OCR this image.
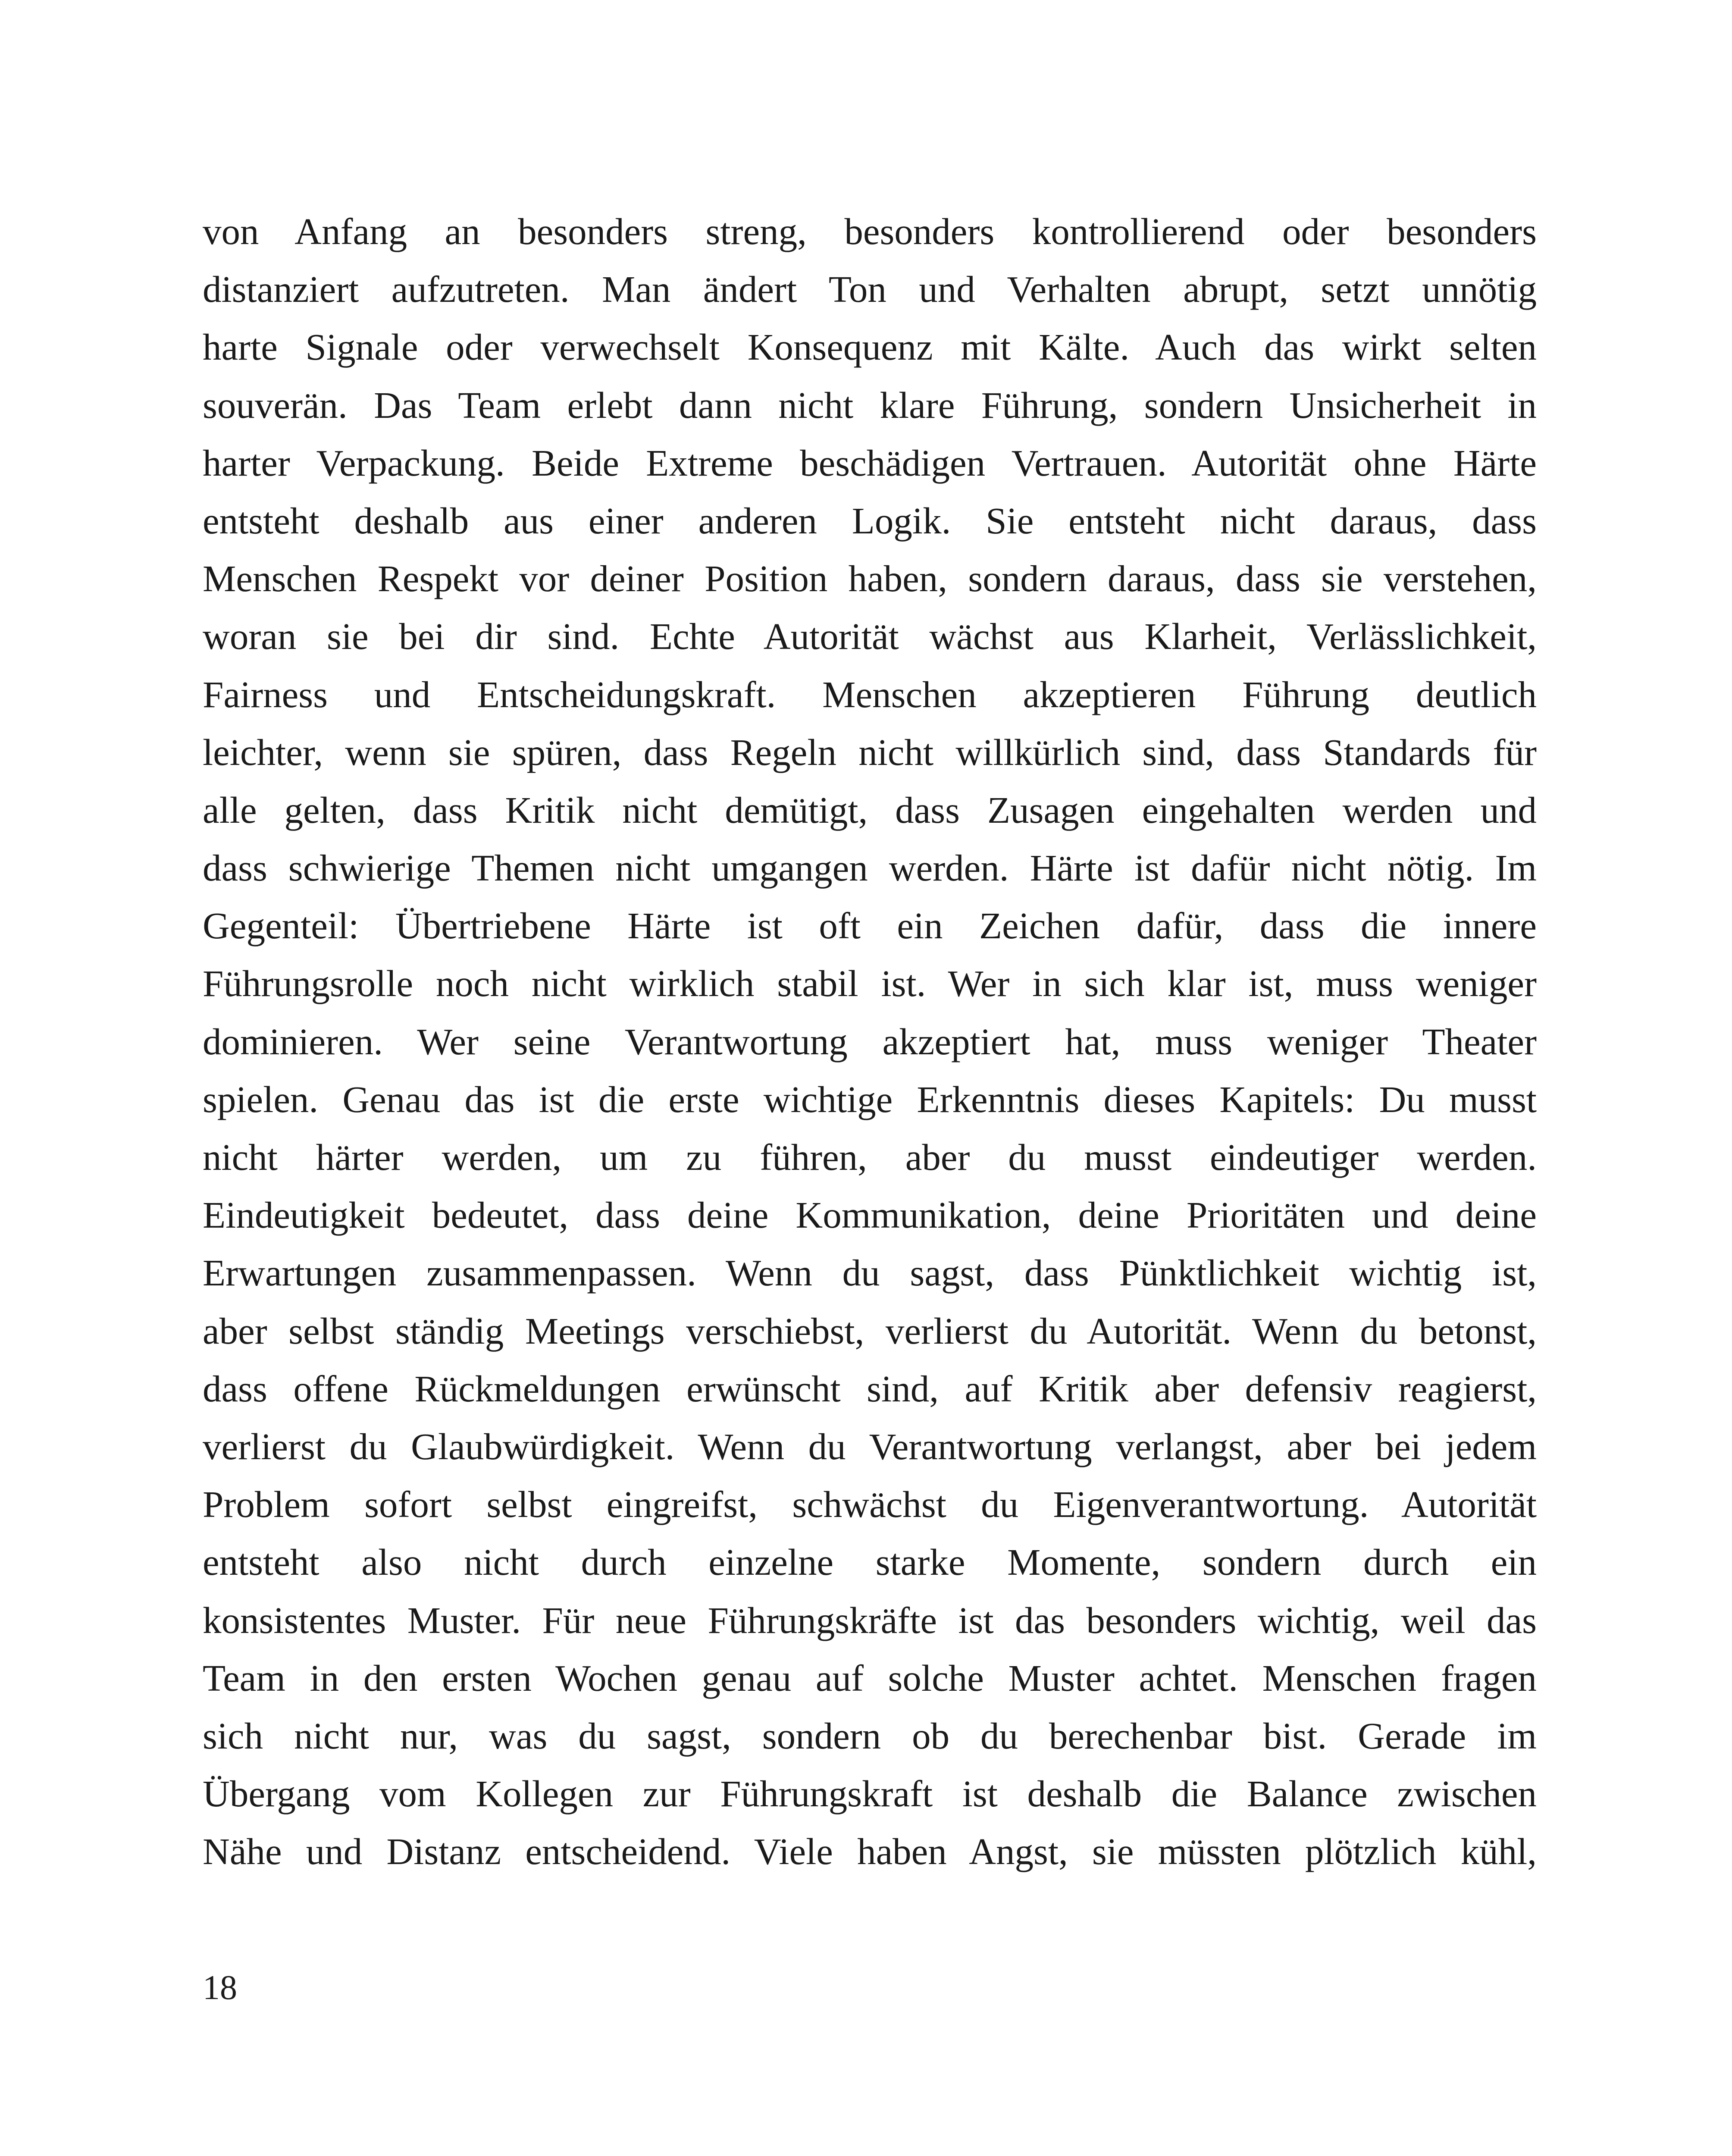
von Anfang an besonders streng, besonders kontrollierend oder besonders
distanziert aufzutreten. Man ändert Ton und Verhalten abrupt, setzt unnötig
harte Signale oder verwechselt Konsequenz mit Kälte. Auch das wirkt selten
souverän. Das Team erlebt dann nicht klare Führung, sondern Unsicherheit in
harter Verpackung. Beide Extreme beschädigen Vertrauen. Autorität ohne Härte
entsteht deshalb aus einer anderen Logik. Sie entsteht nicht daraus, dass
Menschen Respekt vor deiner Position haben, sondern daraus, dass sie verstehen,
woran sie bei dir sind. Echte Autorität wächst aus Klarheit, Verlässlichkeit,
Fairness und Entscheidungskraft. Menschen akzeptieren Führung deutlich
leichter, wenn sie spüren, dass Regeln nicht willkürlich sind, dass Standards für
alle gelten, dass Kritik nicht demütigt, dass Zusagen eingehalten werden und
dass schwierige Themen nicht umgangen werden. Härte ist dafür nicht nötig. Im
Gegenteil: Übertriebene Härte ist oft ein Zeichen dafür, dass die innere
Führungsrolle noch nicht wirklich stabil ist. Wer in sich klar ist, muss weniger
dominieren. Wer seine Verantwortung akzeptiert hat, muss weniger Theater
spielen. Genau das ist die erste wichtige Erkenntnis dieses Kapitels: Du musst
nicht härter werden, um zu führen, aber du musst eindeutiger werden.
Eindeutigkeit bedeutet, dass deine Kommunikation, deine Prioritäten und deine
Erwartungen zusammenpassen. Wenn du sagst, dass Pünktlichkeit wichtig ist,
aber selbst ständig Meetings verschiebst, verlierst du Autorität. Wenn du betonst,
dass offene Rückmeldungen erwünscht sind, auf Kritik aber defensiv reagierst,
verlierst du Glaubwürdigkeit. Wenn du Verantwortung verlangst, aber bei jedem
Problem sofort selbst eingreifst, schwächst du Eigenverantwortung. Autorität
entsteht also nicht durch einzelne starke Momente, sondern durch ein
konsistentes Muster. Für neue Führungskräfte ist das besonders wichtig, weil das
Team in den ersten Wochen genau auf solche Muster achtet. Menschen fragen
sich nicht nur, was du sagst, sondern ob du berechenbar bist. Gerade im
Übergang vom Kollegen zur Führungskraft ist deshalb die Balance zwischen
Nähe und Distanz entscheidend. Viele haben Angst, sie müssten plötzlich kühl,
18
